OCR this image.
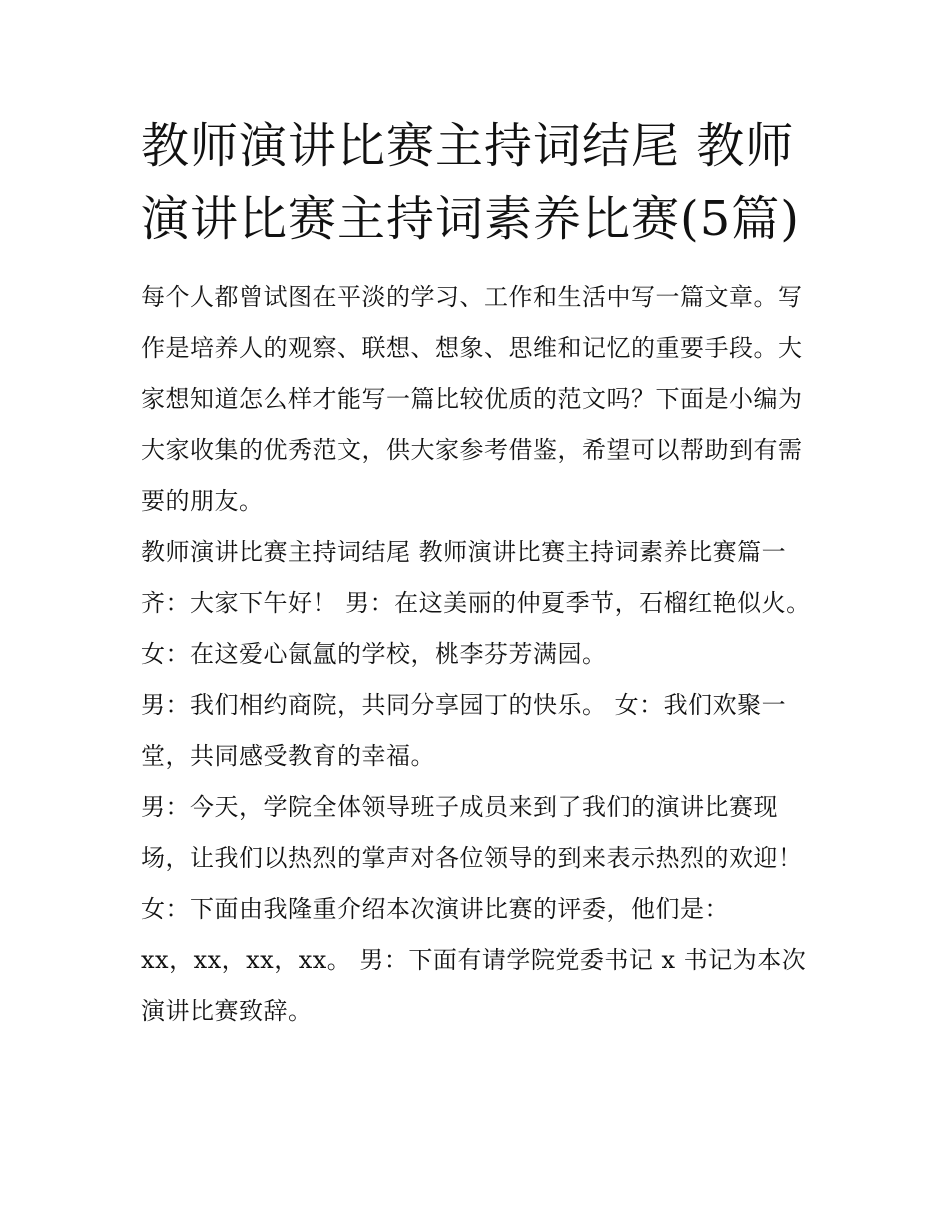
教师演讲比赛主持词结尾 教师演讲比赛主持词素养比赛(5篇)

每个人都曾试图在平淡的学习、工作和生活中写一篇文章。写作是培养人的观察、联想、想象、思维和记忆的重要手段。大家想知道怎么样才能写一篇比较优质的范文吗？下面是小编为大家收集的优秀范文，供大家参考借鉴，希望可以帮助到有需要的朋友。

教师演讲比赛主持词结尾 教师演讲比赛主持词素养比赛篇一

齐：大家下午好！ 男：在这美丽的仲夏季节，石榴红艳似火。 女：在这爱心氤氲的学校，桃李芬芳满园。

男：我们相约商院，共同分享园丁的快乐。 女：我们欢聚一堂，共同感受教育的幸福。

男：今天，学院全体领导班子成员来到了我们的演讲比赛现场，让我们以热烈的掌声对各位领导的到来表示热烈的欢迎！

女：下面由我隆重介绍本次演讲比赛的评委，他们是：

xx，xx，xx，xx。 男：下面有请学院党委书记 x 书记为本次演讲比赛致辞。
